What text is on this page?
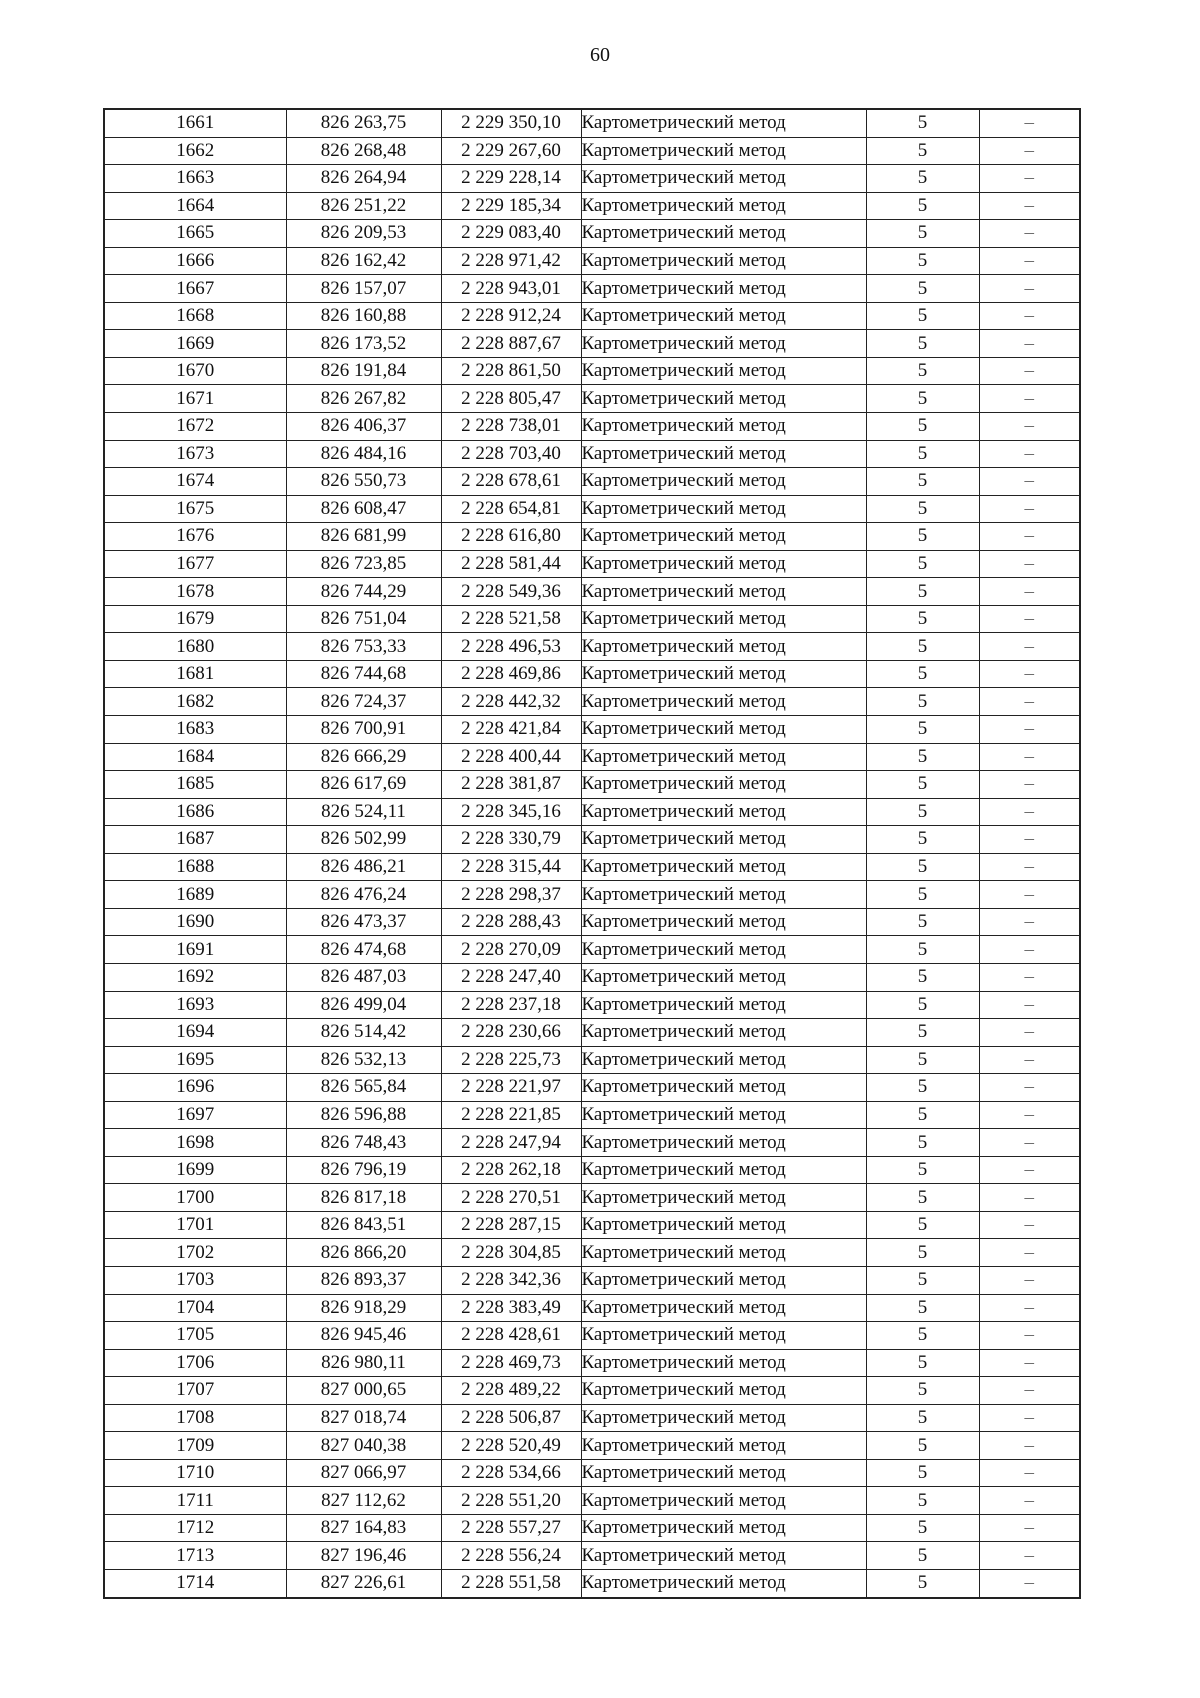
60
1661	826 263,75	2 229 350,10	Картометрический метод	5	–
1662	826 268,48	2 229 267,60	Картометрический метод	5	–
1663	826 264,94	2 229 228,14	Картометрический метод	5	–
1664	826 251,22	2 229 185,34	Картометрический метод	5	–
1665	826 209,53	2 229 083,40	Картометрический метод	5	–
1666	826 162,42	2 228 971,42	Картометрический метод	5	–
1667	826 157,07	2 228 943,01	Картометрический метод	5	–
1668	826 160,88	2 228 912,24	Картометрический метод	5	–
1669	826 173,52	2 228 887,67	Картометрический метод	5	–
1670	826 191,84	2 228 861,50	Картометрический метод	5	–
1671	826 267,82	2 228 805,47	Картометрический метод	5	–
1672	826 406,37	2 228 738,01	Картометрический метод	5	–
1673	826 484,16	2 228 703,40	Картометрический метод	5	–
1674	826 550,73	2 228 678,61	Картометрический метод	5	–
1675	826 608,47	2 228 654,81	Картометрический метод	5	–
1676	826 681,99	2 228 616,80	Картометрический метод	5	–
1677	826 723,85	2 228 581,44	Картометрический метод	5	–
1678	826 744,29	2 228 549,36	Картометрический метод	5	–
1679	826 751,04	2 228 521,58	Картометрический метод	5	–
1680	826 753,33	2 228 496,53	Картометрический метод	5	–
1681	826 744,68	2 228 469,86	Картометрический метод	5	–
1682	826 724,37	2 228 442,32	Картометрический метод	5	–
1683	826 700,91	2 228 421,84	Картометрический метод	5	–
1684	826 666,29	2 228 400,44	Картометрический метод	5	–
1685	826 617,69	2 228 381,87	Картометрический метод	5	–
1686	826 524,11	2 228 345,16	Картометрический метод	5	–
1687	826 502,99	2 228 330,79	Картометрический метод	5	–
1688	826 486,21	2 228 315,44	Картометрический метод	5	–
1689	826 476,24	2 228 298,37	Картометрический метод	5	–
1690	826 473,37	2 228 288,43	Картометрический метод	5	–
1691	826 474,68	2 228 270,09	Картометрический метод	5	–
1692	826 487,03	2 228 247,40	Картометрический метод	5	–
1693	826 499,04	2 228 237,18	Картометрический метод	5	–
1694	826 514,42	2 228 230,66	Картометрический метод	5	–
1695	826 532,13	2 228 225,73	Картометрический метод	5	–
1696	826 565,84	2 228 221,97	Картометрический метод	5	–
1697	826 596,88	2 228 221,85	Картометрический метод	5	–
1698	826 748,43	2 228 247,94	Картометрический метод	5	–
1699	826 796,19	2 228 262,18	Картометрический метод	5	–
1700	826 817,18	2 228 270,51	Картометрический метод	5	–
1701	826 843,51	2 228 287,15	Картометрический метод	5	–
1702	826 866,20	2 228 304,85	Картометрический метод	5	–
1703	826 893,37	2 228 342,36	Картометрический метод	5	–
1704	826 918,29	2 228 383,49	Картометрический метод	5	–
1705	826 945,46	2 228 428,61	Картометрический метод	5	–
1706	826 980,11	2 228 469,73	Картометрический метод	5	–
1707	827 000,65	2 228 489,22	Картометрический метод	5	–
1708	827 018,74	2 228 506,87	Картометрический метод	5	–
1709	827 040,38	2 228 520,49	Картометрический метод	5	–
1710	827 066,97	2 228 534,66	Картометрический метод	5	–
1711	827 112,62	2 228 551,20	Картометрический метод	5	–
1712	827 164,83	2 228 557,27	Картометрический метод	5	–
1713	827 196,46	2 228 556,24	Картометрический метод	5	–
1714	827 226,61	2 228 551,58	Картометрический метод	5	–
